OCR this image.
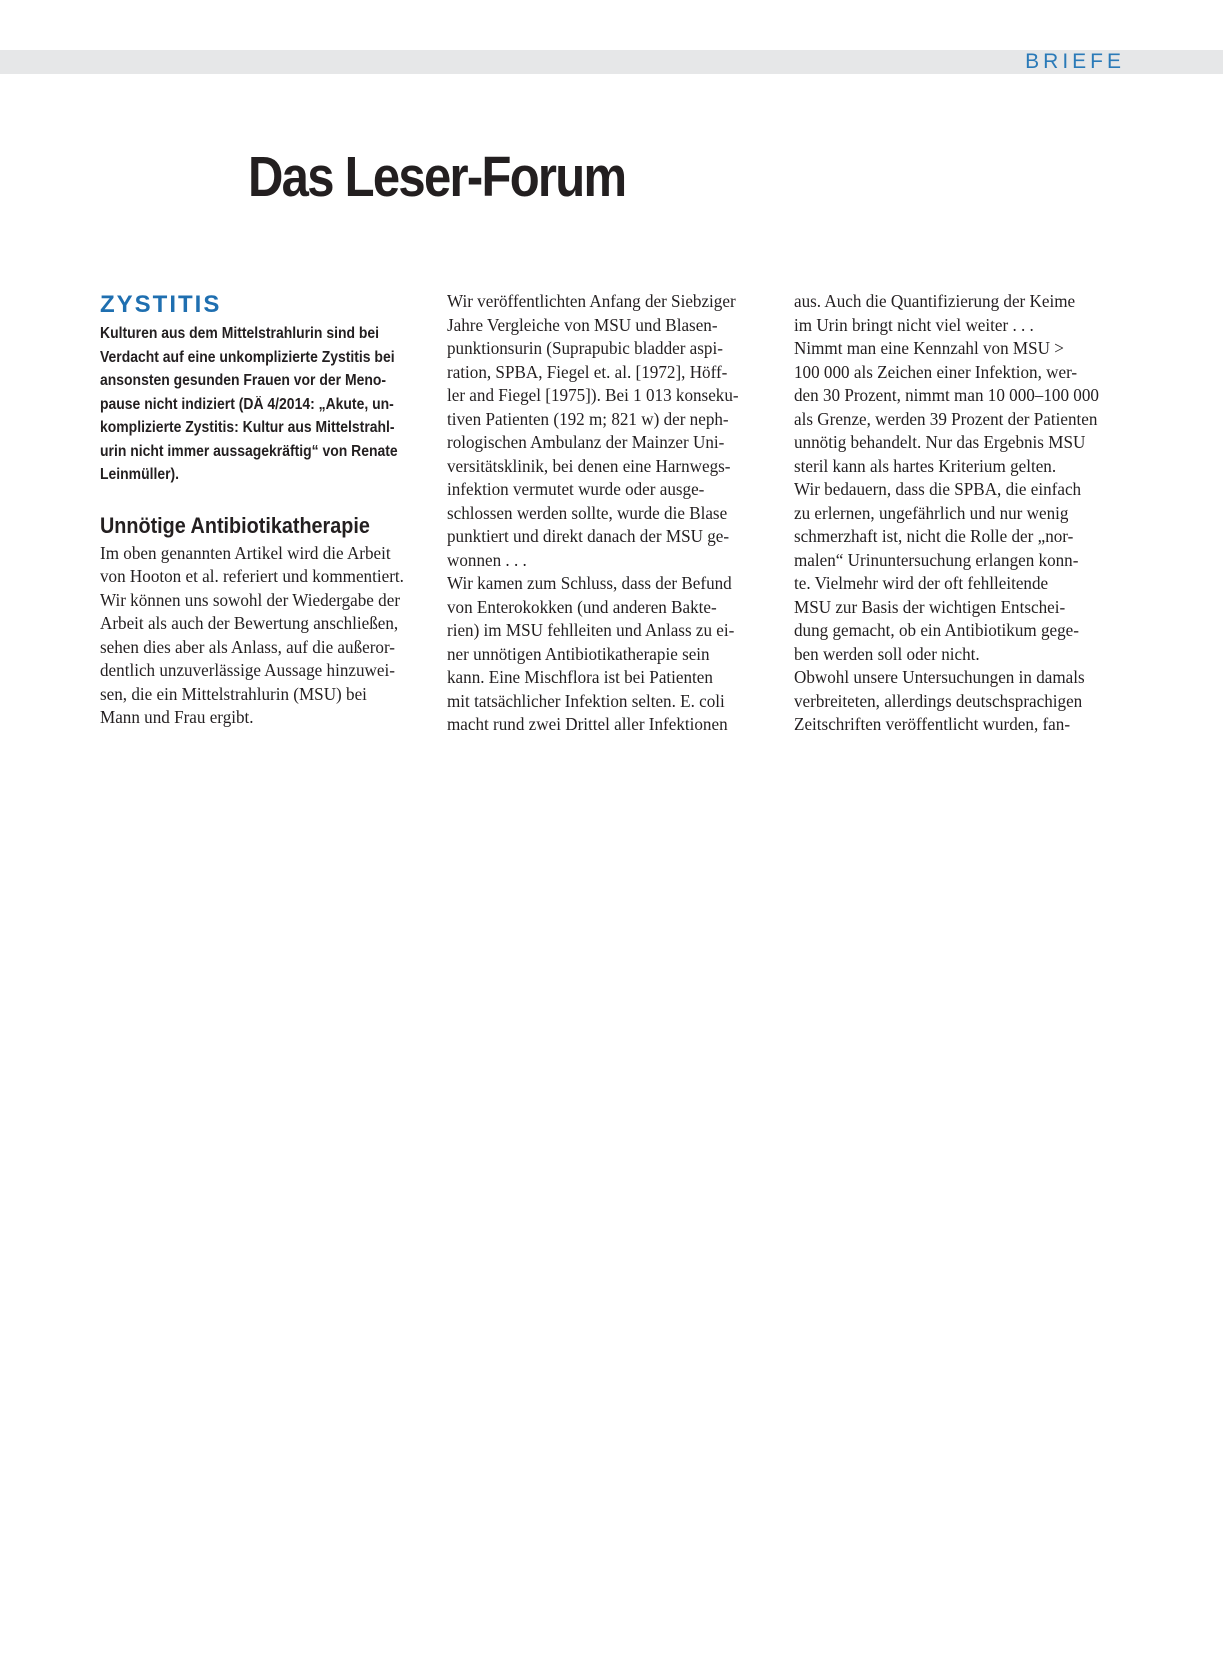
BRIEFE
Das Leser-Forum
ZYSTITIS
Kulturen aus dem Mittelstrahlurin sind bei
Verdacht auf eine unkomplizierte Zystitis bei
ansonsten gesunden Frauen vor der Meno-
pause nicht indiziert (DÄ 4/2014: „Akute, un-
komplizierte Zystitis: Kultur aus Mittelstrahl-
urin nicht immer aussagekräftig“ von Renate
Leinmüller).
Unnötige Antibiotikatherapie
Im oben genannten Artikel wird die Arbeit
von Hooton et al. referiert und kommentiert.
Wir können uns sowohl der Wiedergabe der
Arbeit als auch der Bewertung anschließen,
sehen dies aber als Anlass, auf die außeror-
dentlich unzuverlässige Aussage hinzuwei-
sen, die ein Mittelstrahlurin (MSU) bei
Mann und Frau ergibt.
Wir veröffentlichten Anfang der Siebziger
Jahre Vergleiche von MSU und Blasen-
punktionsurin (Suprapubic bladder aspi-
ration, SPBA, Fiegel et. al. [1972], Höff-
ler and Fiegel [1975]). Bei 1 013 konseku-
tiven Patienten (192 m; 821 w) der neph-
rologischen Ambulanz der Mainzer Uni-
versitätsklinik, bei denen eine Harnwegs-
infektion vermutet wurde oder ausge-
schlossen werden sollte, wurde die Blase
punktiert und direkt danach der MSU ge-
wonnen . . .
Wir kamen zum Schluss, dass der Befund
von Enterokokken (und anderen Bakte-
rien) im MSU fehlleiten und Anlass zu ei-
ner unnötigen Antibiotikatherapie sein
kann. Eine Mischflora ist bei Patienten
mit tatsächlicher Infektion selten. E. coli
macht rund zwei Drittel aller Infektionen
aus. Auch die Quantifizierung der Keime
im Urin bringt nicht viel weiter . . .
Nimmt man eine Kennzahl von MSU >
100 000 als Zeichen einer Infektion, wer-
den 30 Prozent, nimmt man 10 000–100 000
als Grenze, werden 39 Prozent der Patienten
unnötig behandelt. Nur das Ergebnis MSU
steril kann als hartes Kriterium gelten.
Wir bedauern, dass die SPBA, die einfach
zu erlernen, ungefährlich und nur wenig
schmerzhaft ist, nicht die Rolle der „nor-
malen“ Urinuntersuchung erlangen konn-
te. Vielmehr wird der oft fehlleitende
MSU zur Basis der wichtigen Entschei-
dung gemacht, ob ein Antibiotikum gege-
ben werden soll oder nicht.
Obwohl unsere Untersuchungen in damals
verbreiteten, allerdings deutschsprachigen
Zeitschriften veröffentlicht wurden, fan-
